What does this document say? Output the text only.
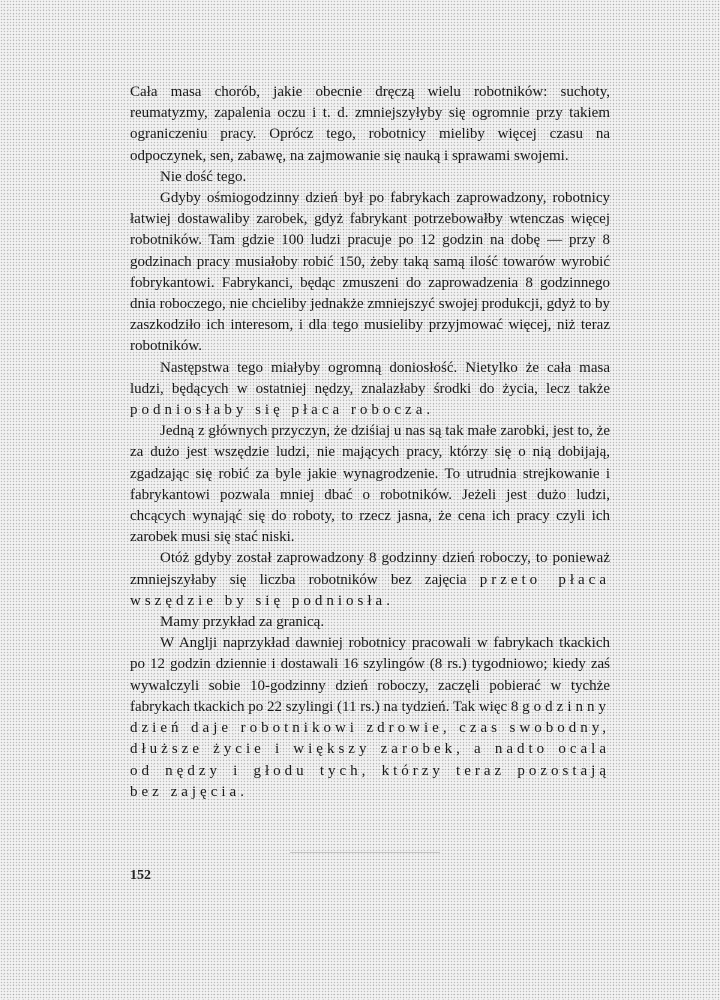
Cała masa chorób, jakie obecnie dręczą wielu robotników: suchoty, reumatyzmy, zapalenia oczu i t. d. zmniejszyłyby się ogromnie przy takiem ograniczeniu pracy. Oprócz tego, robotnicy mieliby więcej czasu na odpoczynek, sen, zabawę, na zajmowanie się nauką i sprawami swojemi.

Nie dość tego.

Gdyby ośmiogodzinny dzień był po fabrykach zaprowadzony, robotnicy łatwiej dostawaliby zarobek, gdyż fabrykant potrzebowałby wtenczas więcej robotników. Tam gdzie 100 ludzi pracuje po 12 godzin na dobę — przy 8 godzinach pracy musiałoby robić 150, żeby taką samą ilość towarów wyrobić fobrykantowi. Fabrykanci, będąc zmuszeni do zaprowadzenia 8 godzinnego dnia roboczego, nie chcieliby jednakże zmniejszyć swojej produkcji, gdyż to by zaszkodziło ich interesom, i dla tego musieliby przyjmować więcej, niż teraz robotników.

Następstwa tego miałyby ogromną doniosłość. Nietylko że cała masa ludzi, będących w ostatniej nędzy, znalazłaby środki do życia, lecz także podniosłaby się płaca robocza.

Jedną z głównych przyczyn, że dziśiaj u nas są tak małe zarobki, jest to, że za dużo jest wszędzie ludzi, nie mających pracy, którzy się o nią dobijają, zgadzając się robić za byle jakie wynagrodzenie. To utrudnia strejkowanie i fabrykantowi pozwala mniej dbać o robotników. Jeżeli jest dużo ludzi, chcących wynająć się do roboty, to rzecz jasna, że cena ich pracy czyli ich zarobek musi się stać niski.

Otóż gdyby został zaprowadzony 8 godzinny dzień roboczy, to ponieważ zmniejszyłaby się liczba robotników bez zajęcia przeto płaca wszędzie by się podniosła.

Mamy przykład za granicą.

W Anglji naprzykład dawniej robotnicy pracowali w fabrykach tkackich po 12 godzin dziennie i dostawali 16 szylingów (8 rs.) tygodniowo; kiedy zaś wywalczyli sobie 10-godzinny dzień roboczy, zaczęli pobierać w tychże fabrykach tkackich po 22 szylingi (11 rs.) na tydzień. Tak więc 8 godzinny dzień daje robotnikowi zdrowie, czas swobodny, dłuższe życie i większy zarobek, a nadto ocala od nędzy i głodu tych, którzy teraz pozostają bez zajęcia.

152
